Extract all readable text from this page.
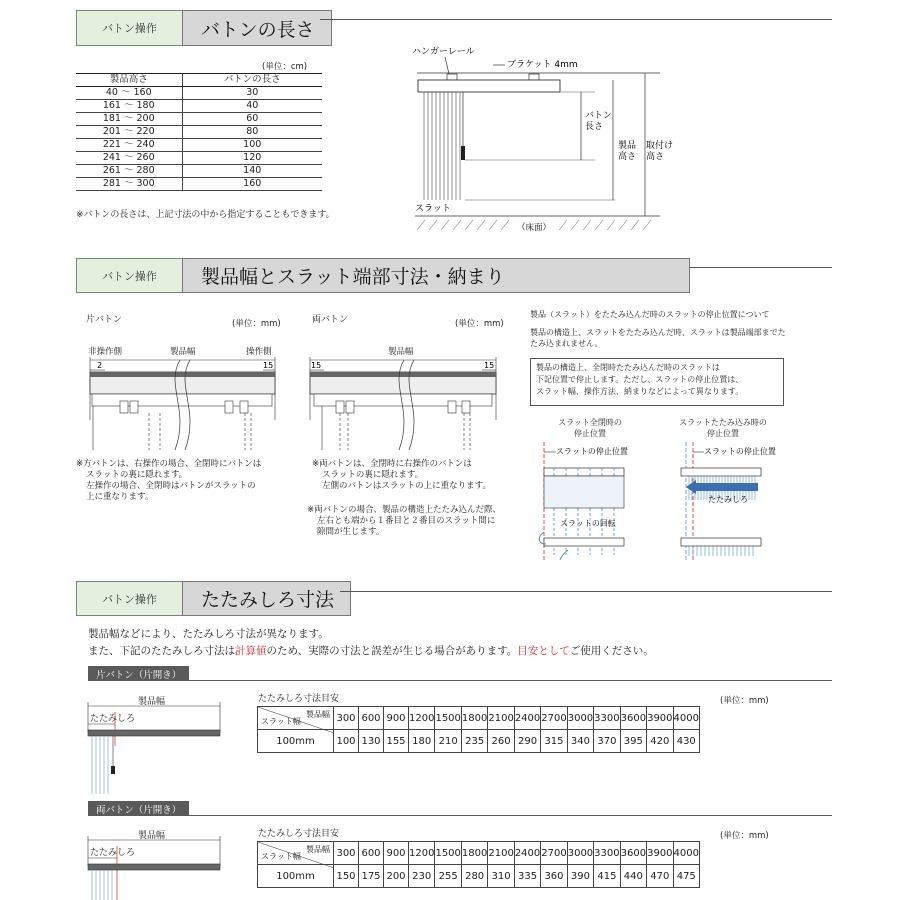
バトン操作	バトンの長さ
(単位：cm)
製品高さ	バトンの長さ
40 ～ 160	30
161 ～ 180	40
181 ～ 200	60
201 ～ 220	80
221 ～ 240	100
241 ～ 260	120
261 ～ 280	140
281 ～ 300	160
※バトンの長さは、上記寸法の中から指定することもできます。
ハンガーレール
ブラケット 4mm
スラット
バトン
長さ
製品
高さ
取付け
高さ
（床面）
バトン操作	製品幅とスラット端部寸法・納まり
片バトン	(単位：mm)
非操作側	製品幅	操作側
2	15
※方バトンは、右操作の場合、全閉時にバトンは
スラットの裏に隠れます。
左操作の場合、全閉時はバトンがスラットの
上に重なります。
両バトン	(単位：mm)
製品幅
15	15
※両バトンは、全閉時に右操作のバトンは
スラットの裏に隠れます。
左側のバトンはスラットの上に重なります。
※両バトンの場合、製品の構造上たたみ込んだ際、
左右とも端から１番目と２番目のスラット間に
隙間が生じます。
製品（スラット）をたたみ込んだ時のスラットの停止位置について
製品の構造上、スラットをたたみ込んだ時、スラットは製品端部までた
たみ込まれません。
製品の構造上、全閉時たたみ込んだ時のスラットは
下記位置で停止します。ただし、スラットの停止位置は、
スラット幅、操作方法、納まりなどによって異なります。
スラット全閉時の
停止位置
スラットたたみ込み時の
停止位置
スラットの停止位置
スラットの回転
スラットの停止位置
たたみしろ
バトン操作	たたみしろ寸法
製品幅などにより、たたみしろ寸法が異なります。
また、下記のたたみしろ寸法は計算値のため、実際の寸法と誤差が生じる場合があります。目安としてご使用ください。
片バトン（片開き）
製品幅
たたみしろ
たたみしろ寸法目安	(単位：mm)
製品幅
スラット幅	300	600	900	1200	1500	1800	2100	2400	2700	3000	3300	3600	3900	4000
100mm	100	130	155	180	210	235	260	290	315	340	370	395	420	430
両バトン（片開き）
製品幅
たたみしろ
たたみしろ寸法目安	(単位：mm)
製品幅
スラット幅	300	600	900	1200	1500	1800	2100	2400	2700	3000	3300	3600	3900	4000
100mm	150	175	200	230	255	280	310	335	360	390	415	440	470	475
